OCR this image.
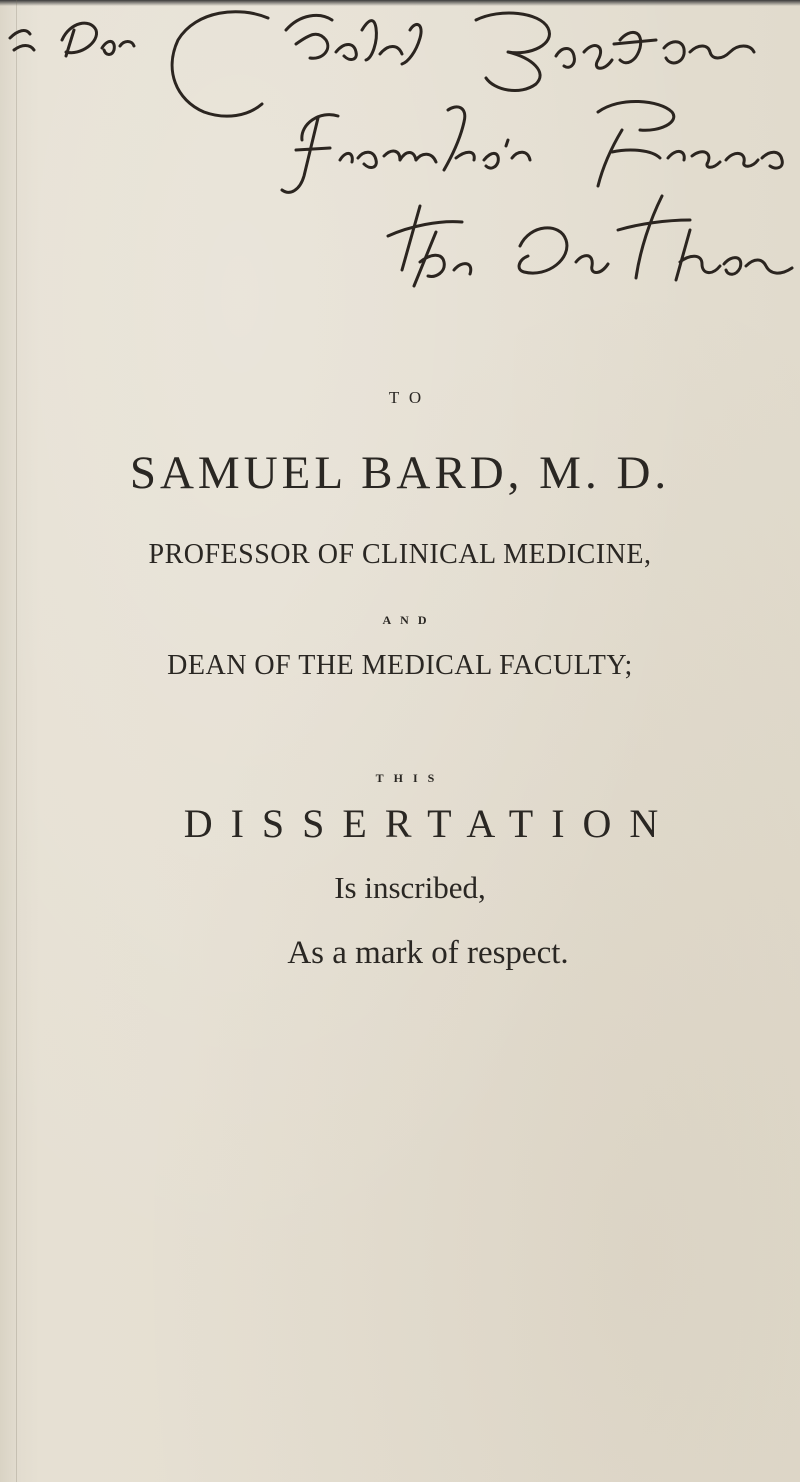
TO
SAMUEL BARD, M. D.
PROFESSOR OF CLINICAL MEDICINE,
AND
DEAN OF THE MEDICAL FACULTY;
THIS
DISSERTATION
Is inscribed,
As a mark of respect.
